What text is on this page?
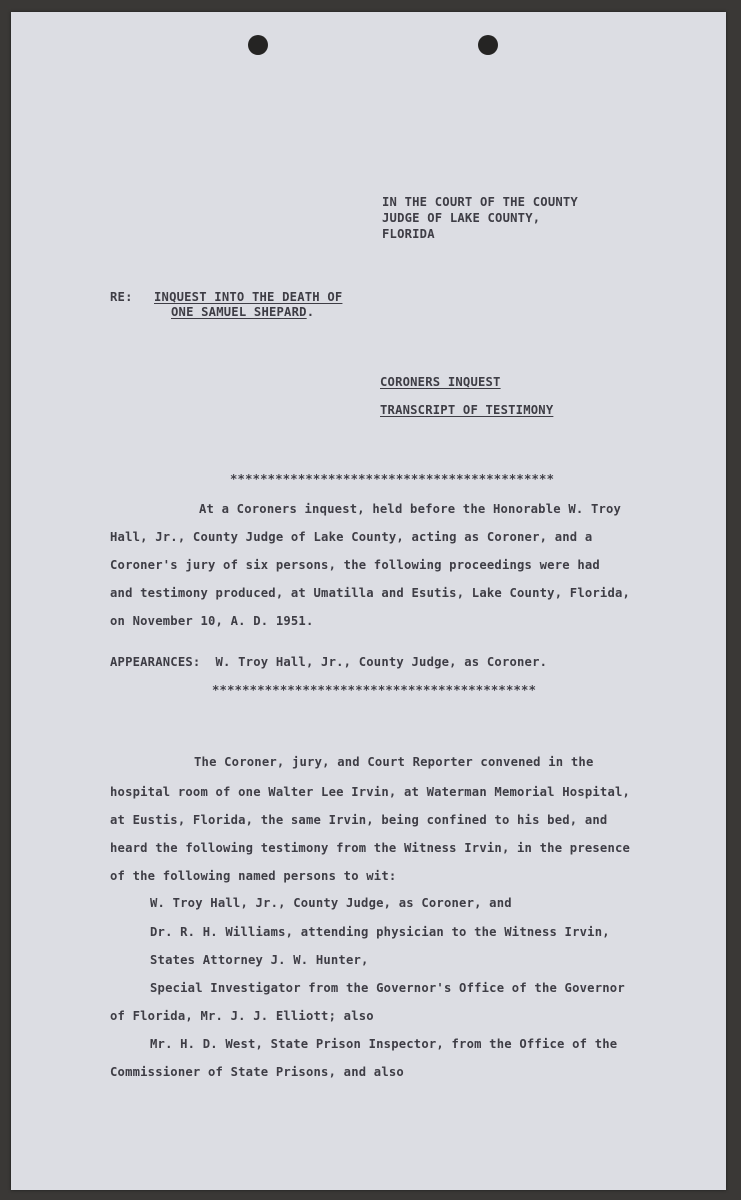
IN THE COURT OF THE COUNTY
JUDGE OF LAKE COUNTY,
FLORIDA
RE: INQUEST INTO THE DEATH OF
ONE SAMUEL SHEPARD.
CORONERS INQUEST
TRANSCRIPT OF TESTIMONY
*******************************************
At a Coroners inquest, held before the Honorable W. Troy
Hall, Jr., County Judge of Lake County, acting as Coroner, and a
Coroner's jury of six persons, the following proceedings were had
and testimony produced, at Umatilla and Esutis, Lake County, Florida,
on November 10, A. D. 1951.
APPEARANCES:  W. Troy Hall, Jr., County Judge, as Coroner.
*******************************************
The Coroner, jury, and Court Reporter convened in the
hospital room of one Walter Lee Irvin, at Waterman Memorial Hospital,
at Eustis, Florida, the same Irvin, being confined to his bed, and
heard the following testimony from the Witness Irvin, in the presence
of the following named persons to wit:
W. Troy Hall, Jr., County Judge, as Coroner, and
Dr. R. H. Williams, attending physician to the Witness Irvin,
States Attorney J. W. Hunter,
Special Investigator from the Governor's Office of the Governor
of Florida, Mr. J. J. Elliott; also
Mr. H. D. West, State Prison Inspector, from the Office of the
Commissioner of State Prisons, and also
